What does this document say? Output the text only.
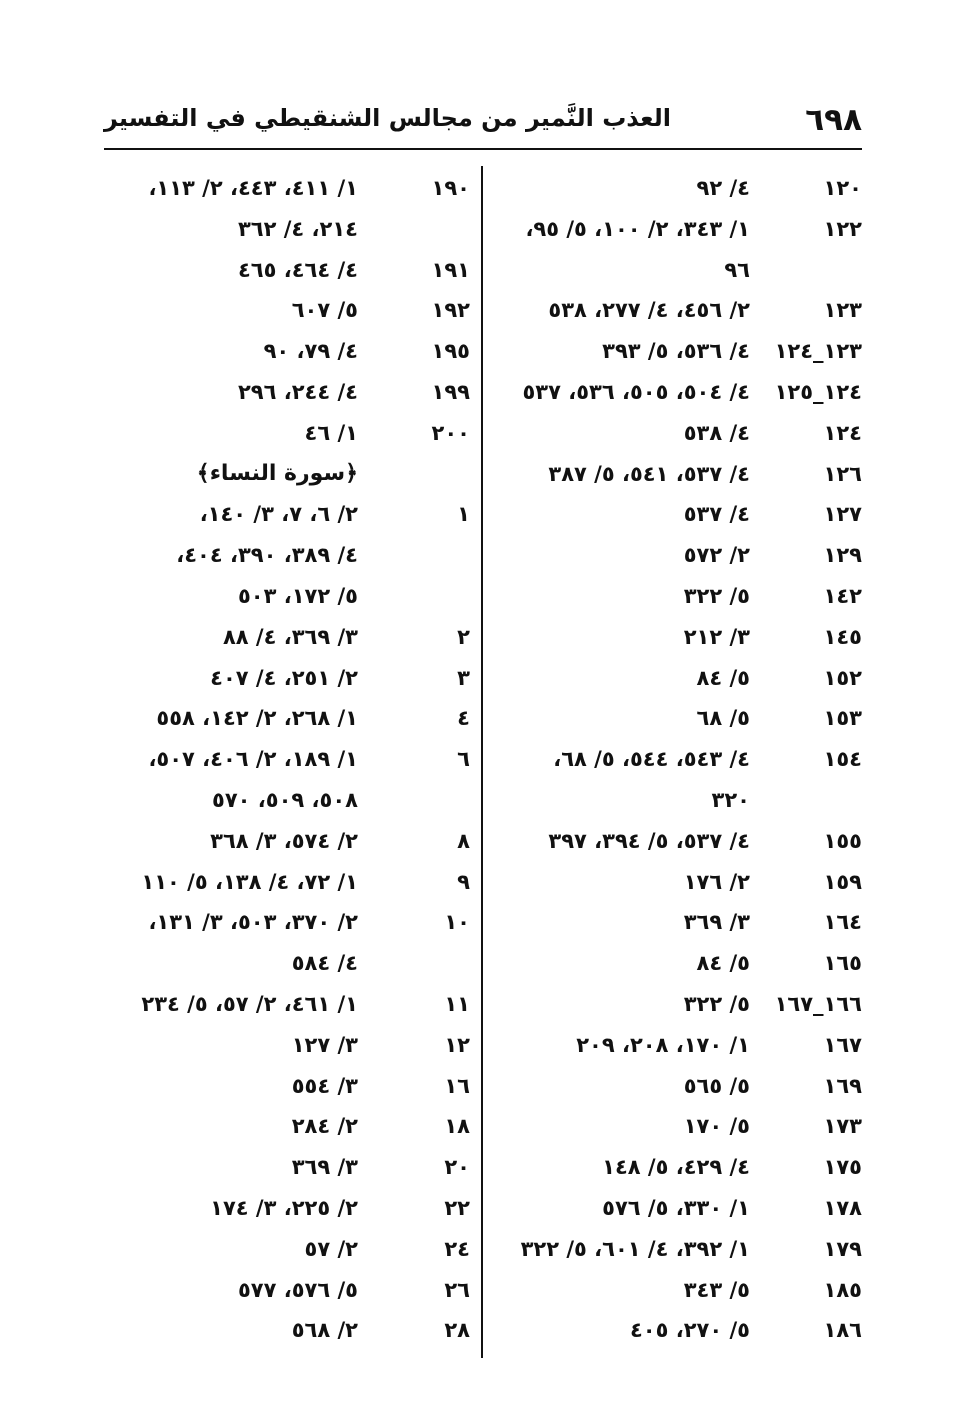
٦٩٨
العذب النَّمير من مجالس الشنقيطي في التفسير
١٢٠
٤/ ٩٢
١٢٢
١/ ٣٤٣، ٢/ ١٠٠، ٥/ ٩٥،
٩٦
١٢٣
٢/ ٤٥٦، ٤/ ٢٧٧، ٥٣٨
١٢٣_١٢٤
٤/ ٥٣٦، ٥/ ٣٩٣
١٢٤_١٢٥
٤/ ٥٠٤، ٥٠٥، ٥٣٦، ٥٣٧
١٢٤
٤/ ٥٣٨
١٢٦
٤/ ٥٣٧، ٥٤١، ٥/ ٣٨٧
١٢٧
٤/ ٥٣٧
١٢٩
٢/ ٥٧٢
١٤٢
٥/ ٣٢٢
١٤٥
٣/ ٢١٢
١٥٢
٥/ ٨٤
١٥٣
٥/ ٦٨
١٥٤
٤/ ٥٤٣، ٥٤٤، ٥/ ٦٨،
٣٢٠
١٥٥
٤/ ٥٣٧، ٥/ ٣٩٤، ٣٩٧
١٥٩
٢/ ١٧٦
١٦٤
٣/ ٣٦٩
١٦٥
٥/ ٨٤
١٦٦_١٦٧
٥/ ٣٢٢
١٦٧
١/ ١٧٠، ٢٠٨، ٢٠٩
١٦٩
٥/ ٥٦٥
١٧٣
٥/ ١٧٠
١٧٥
٤/ ٤٢٩، ٥/ ١٤٨
١٧٨
١/ ٣٣٠، ٥/ ٥٧٦
١٧٩
١/ ٣٩٢، ٤/ ٦٠١، ٥/ ٣٢٢
١٨٥
٥/ ٣٤٣
١٨٦
٥/ ٢٧٠، ٤٠٥
١٩٠
١/ ٤١١، ٤٤٣، ٢/ ١١٣،
٢١٤، ٤/ ٣٦٢
١٩١
٤/ ٤٦٤، ٤٦٥
١٩٢
٥/ ٦٠٧
١٩٥
٤/ ٧٩، ٩٠
١٩٩
٤/ ٢٤٤، ٢٩٦
٢٠٠
١/ ٤٦
﴿سورة النساء﴾
١
٢/ ٦، ٧، ٣/ ١٤٠،
٤/ ٣٨٩، ٣٩٠، ٤٠٤،
٥/ ١٧٢، ٥٠٣
٢
٣/ ٣٦٩، ٤/ ٨٨
٣
٢/ ٢٥١، ٤/ ٤٠٧
٤
١/ ٢٦٨، ٢/ ١٤٢، ٥٥٨
٦
١/ ١٨٩، ٢/ ٤٠٦، ٥٠٧،
٥٠٨، ٥٠٩، ٥٧٠
٨
٢/ ٥٧٤، ٣/ ٣٦٨
٩
١/ ٧٢، ٤/ ١٣٨، ٥/ ١١٠
١٠
٢/ ٣٧٠، ٥٠٣، ٣/ ١٣١،
٤/ ٥٨٤
١١
١/ ٤٦١، ٢/ ٥٧، ٥/ ٢٣٤
١٢
٣/ ١٢٧
١٦
٣/ ٥٥٤
١٨
٢/ ٢٨٤
٢٠
٣/ ٣٦٩
٢٢
٢/ ٢٢٥، ٣/ ١٧٤
٢٤
٢/ ٥٧
٢٦
٥/ ٥٧٦، ٥٧٧
٢٨
٢/ ٥٦٨
